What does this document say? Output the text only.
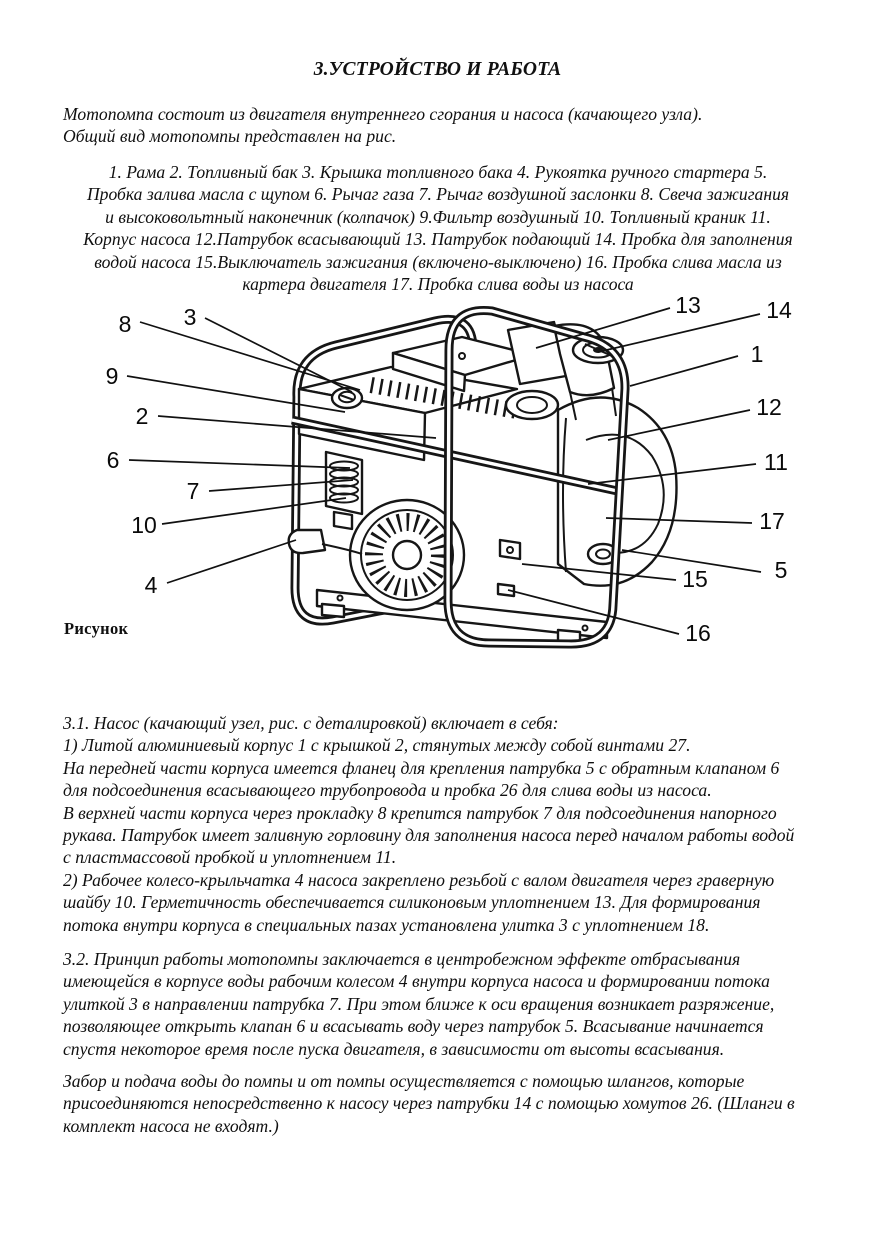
3.УСТРОЙСТВО И РАБОТА
Мотопомпа состоит из двигателя внутреннего сгорания и насоса (качающего узла).
Общий вид мотопомпы представлен на рис.
1. Рама 2. Топливный бак 3. Крышка топливного бака 4. Рукоятка ручного стартера 5.
Пробка залива масла с щупом 6. Рычаг газа 7. Рычаг воздушной заслонки 8. Свеча зажигания
и высоковольтный наконечник (колпачок) 9.Фильтр воздушный 10. Топливный краник 11.
Корпус насоса 12.Патрубок всасывающий 13. Патрубок подающий 14. Пробка для заполнения
водой насоса 15.Выключатель зажигания (включено-выключено) 16. Пробка слива масла из
картера двигателя 17. Пробка слива воды из насоса
8 3
9
2
6
7
10
4
13	14
1
12
11
17
5
15
16
Рисунок
3.1. Насос (качающий узел, рис. с деталировкой) включает в себя:
1) Литой алюминиевый корпус 1 с крышкой 2, стянутых между собой винтами 27.
На передней части корпуса имеется фланец для крепления патрубка 5 с обратным клапаном 6
для подсоединения всасывающего трубопровода и пробка 26 для слива воды из насоса.
В верхней части корпуса через прокладку 8 крепится патрубок 7 для подсоединения напорного
рукава. Патрубок имеет заливную горловину для заполнения насоса перед началом работы водой
с пластмассовой пробкой и уплотнением 11.
2) Рабочее колесо-крыльчатка 4 насоса закреплено резьбой с валом двигателя через граверную
шайбу 10. Герметичность обеспечивается силиконовым уплотнением 13. Для формирования
потока внутри корпуса в специальных пазах установлена улитка 3 с уплотнением 18.
3.2. Принцип работы мотопомпы заключается в центробежном эффекте отбрасывания
имеющейся в корпусе воды рабочим колесом 4 внутри корпуса насоса и формировании потока
улиткой 3 в направлении патрубка 7. При этом ближе к оси вращения возникает разряжение,
позволяющее открыть клапан 6 и всасывать воду через патрубок 5. Всасывание начинается
спустя некоторое время после пуска двигателя, в зависимости от высоты всасывания.
Забор и подача воды до помпы и от помпы осуществляется с помощью шлангов, которые
присоединяются непосредственно к насосу через патрубки 14 с помощью хомутов 26. (Шланги в
комплект насоса не входят.)
